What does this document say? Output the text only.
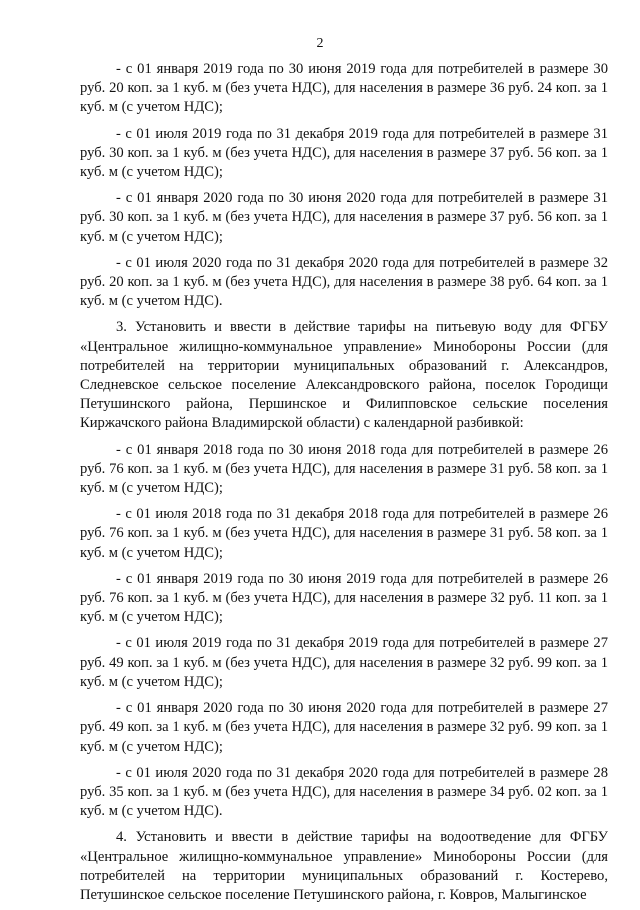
2

- с 01 января 2019 года по 30 июня 2019 года для потребителей в размере 30 руб. 20 коп. за 1 куб. м (без учета НДС), для населения в размере 36 руб. 24 коп. за 1 куб. м (с учетом НДС);

- с 01 июля 2019 года по 31 декабря 2019 года для потребителей в размере 31 руб. 30 коп. за 1 куб. м (без учета НДС), для населения в размере 37 руб. 56 коп. за 1 куб. м (с учетом НДС);

- с 01 января 2020 года по 30 июня 2020 года для потребителей в размере 31 руб. 30 коп. за 1 куб. м (без учета НДС), для населения в размере 37 руб. 56 коп. за 1 куб. м (с учетом НДС);

- с 01 июля 2020 года по 31 декабря 2020 года для потребителей в размере 32 руб. 20 коп. за 1 куб. м (без учета НДС), для населения в размере 38 руб. 64 коп. за 1 куб. м (с учетом НДС).

3. Установить и ввести в действие тарифы на питьевую воду для ФГБУ «Центральное жилищно-коммунальное управление» Минобороны России (для потребителей на территории муниципальных образований г. Александров, Следневское сельское поселение Александровского района, поселок Городищи Петушинского района, Першинское и Филипповское сельские поселения Киржачского района Владимирской области) с календарной разбивкой:

- с 01 января 2018 года по 30 июня 2018 года для потребителей в размере 26 руб. 76 коп. за 1 куб. м (без учета НДС), для населения в размере 31 руб. 58 коп. за 1 куб. м (с учетом НДС);

- с 01 июля 2018 года по 31 декабря 2018 года для потребителей в размере 26 руб. 76 коп. за 1 куб. м (без учета НДС), для населения в размере 31 руб. 58 коп. за 1 куб. м (с учетом НДС);

- с 01 января 2019 года по 30 июня 2019 года для потребителей в размере 26 руб. 76 коп. за 1 куб. м (без учета НДС), для населения в размере 32 руб. 11 коп. за 1 куб. м (с учетом НДС);

- с 01 июля 2019 года по 31 декабря 2019 года для потребителей в размере 27 руб. 49 коп. за 1 куб. м (без учета НДС), для населения в размере 32 руб. 99 коп. за 1 куб. м (с учетом НДС);

- с 01 января 2020 года по 30 июня 2020 года для потребителей в размере 27 руб. 49 коп. за 1 куб. м (без учета НДС), для населения в размере 32 руб. 99 коп. за 1 куб. м (с учетом НДС);

- с 01 июля 2020 года по 31 декабря 2020 года для потребителей в размере 28 руб. 35 коп. за 1 куб. м (без учета НДС), для населения в размере 34 руб. 02 коп. за 1 куб. м (с учетом НДС).

4. Установить и ввести в действие тарифы на водоотведение для ФГБУ «Центральное жилищно-коммунальное управление» Минобороны России (для потребителей на территории муниципальных образований г. Костерево, Петушинское сельское поселение Петушинского района, г. Ковров, Малыгинское
